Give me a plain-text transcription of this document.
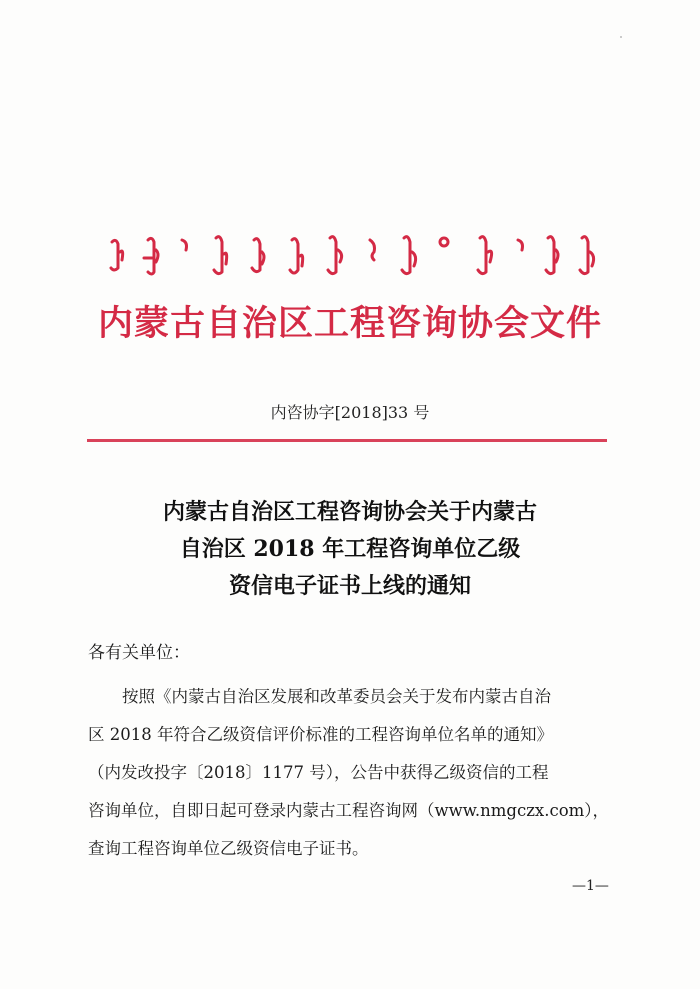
内蒙古自治区工程咨询协会文件
内咨协字[2018]33 号
内蒙古自治区工程咨询协会关于内蒙古
自治区 2018 年工程咨询单位乙级
资信电子证书上线的通知
各有关单位：
按照《内蒙古自治区发展和改革委员会关于发布内蒙古自治
区 2018 年符合乙级资信评价标准的工程咨询单位名单的通知》
（内发改投字〔2018〕1177 号），公告中获得乙级资信的工程
咨询单位，自即日起可登录内蒙古工程咨询网（www.nmgczx.com），
查询工程咨询单位乙级资信电子证书。
—1—
